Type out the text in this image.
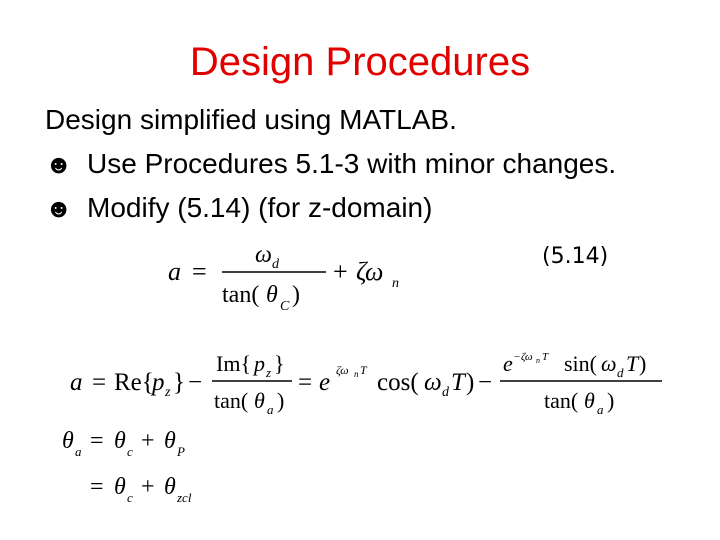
Design Procedures
Design simplified using MATLAB.
☻ Use Procedures 5.1-3 with minor changes.
☻ Modify (5.14) (for z-domain)
(5.14)
a =
ω d
tan( θ C )
+ ζω n
a = Re{
p z } −
Im{ p z }
tan( θ a )
= e ζω n T cos( ω d T ) −
e − ζω n T sin( ω d T )
tan( θ a )
θ a = θ c + θ P
= θ c + θ zcl
